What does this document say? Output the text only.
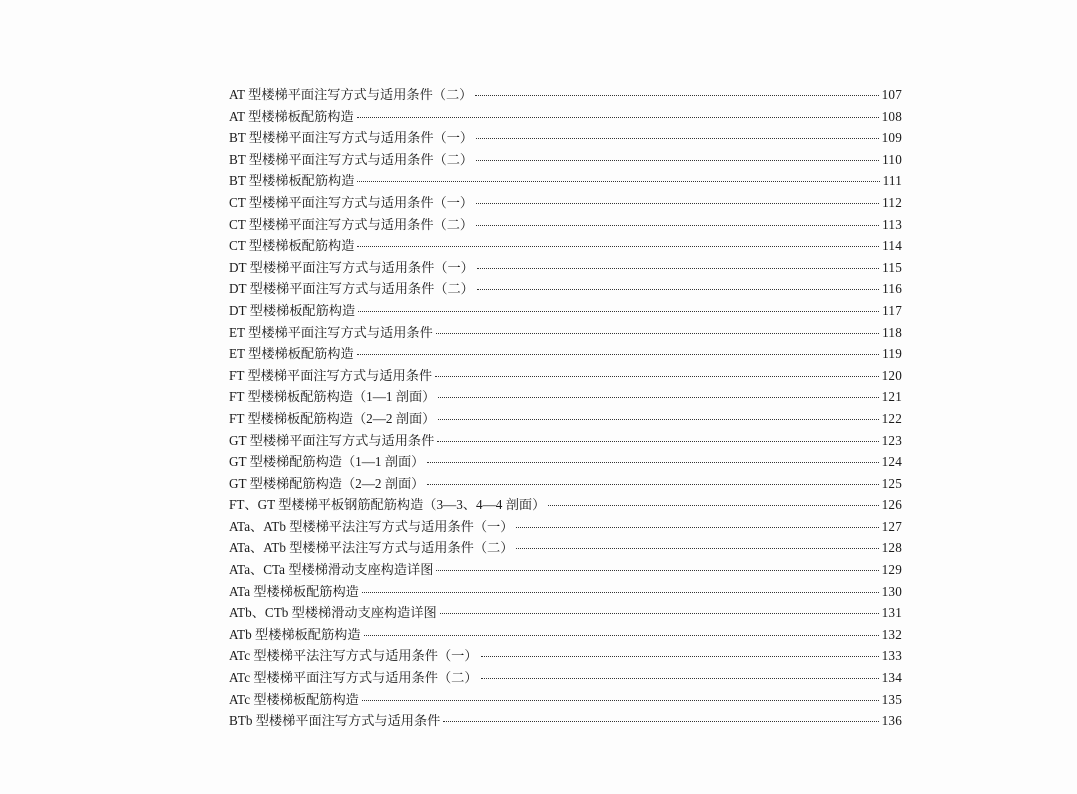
AT 型楼梯平面注写方式与适用条件（二）	107
AT 型楼梯板配筋构造	108
BT 型楼梯平面注写方式与适用条件（一）	109
BT 型楼梯平面注写方式与适用条件（二）	110
BT 型楼梯板配筋构造	111
CT 型楼梯平面注写方式与适用条件（一）	112
CT 型楼梯平面注写方式与适用条件（二）	113
CT 型楼梯板配筋构造	114
DT 型楼梯平面注写方式与适用条件（一）	115
DT 型楼梯平面注写方式与适用条件（二）	116
DT 型楼梯板配筋构造	117
ET 型楼梯平面注写方式与适用条件	118
ET 型楼梯板配筋构造	119
FT 型楼梯平面注写方式与适用条件	120
FT 型楼梯板配筋构造（1—1 剖面）	121
FT 型楼梯板配筋构造（2—2 剖面）	122
GT 型楼梯平面注写方式与适用条件	123
GT 型楼梯配筋构造（1—1 剖面）	124
GT 型楼梯配筋构造（2—2 剖面）	125
FT、GT 型楼梯平板钢筋配筋构造（3—3、4—4 剖面）	126
ATa、ATb 型楼梯平法注写方式与适用条件（一）	127
ATa、ATb 型楼梯平法注写方式与适用条件（二）	128
ATa、CTa 型楼梯滑动支座构造详图	129
ATa 型楼梯板配筋构造	130
ATb、CTb 型楼梯滑动支座构造详图	131
ATb 型楼梯板配筋构造	132
ATc 型楼梯平法注写方式与适用条件（一）	133
ATc 型楼梯平面注写方式与适用条件（二）	134
ATc 型楼梯板配筋构造	135
BTb 型楼梯平面注写方式与适用条件	136
